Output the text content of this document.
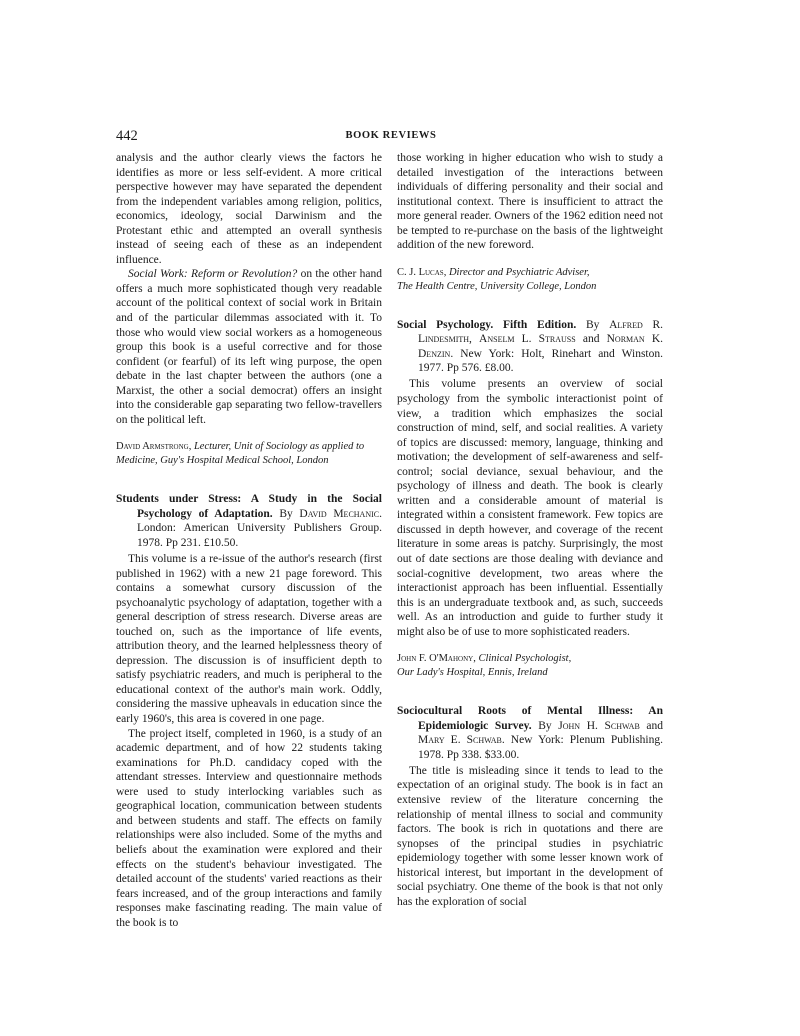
442	BOOK REVIEWS

analysis and the author clearly views the factors he identifies as more or less self-evident. A more critical perspective however may have separated the dependent from the independent variables among religion, politics, economics, ideology, social Darwinism and the Protestant ethic and attempted an overall synthesis instead of seeing each of these as an independent influence.

Social Work: Reform or Revolution? on the other hand offers a much more sophisticated though very readable account of the political context of social work in Britain and of the particular dilemmas associated with it. To those who would view social workers as a homogeneous group this book is a useful corrective and for those confident (or fearful) of its left wing purpose, the open debate in the last chapter between the authors (one a Marxist, the other a social democrat) offers an insight into the considerable gap separating two fellow-travellers on the political left.

David Armstrong, Lecturer, Unit of Sociology as applied to Medicine, Guy's Hospital Medical School, London
Students under Stress: A Study in the Social Psychology of Adaptation. By David Mechanic. London: American University Publishers Group. 1978. Pp 231. £10.50.

This volume is a re-issue of the author's research (first published in 1962) with a new 21 page foreword. This contains a somewhat cursory discussion of the psychoanalytic psychology of adaptation, together with a general description of stress research. Diverse areas are touched on, such as the importance of life events, attribution theory, and the learned helplessness theory of depression. The discussion is of insufficient depth to satisfy psychiatric readers, and much is peripheral to the educational context of the author's main work. Oddly, considering the massive upheavals in education since the early 1960's, this area is covered in one page.

The project itself, completed in 1960, is a study of an academic department, and of how 22 students taking examinations for Ph.D. candidacy coped with the attendant stresses. Interview and questionnaire methods were used to study interlocking variables such as geographical location, communication between students and between students and staff. The effects on family relationships were also included. Some of the myths and beliefs about the examination were explored and their effects on the student's behaviour investigated. The detailed account of the students' varied reactions as their fears increased, and of the group interactions and family responses make fascinating reading. The main value of the book is to

those working in higher education who wish to study a detailed investigation of the interactions between individuals of differing personality and their social and institutional context. There is insufficient to attract the more general reader. Owners of the 1962 edition need not be tempted to re-purchase on the basis of the lightweight addition of the new foreword.

C. J. Lucas, Director and Psychiatric Adviser,
The Health Centre, University College, London
Social Psychology. Fifth Edition. By Alfred R. Lindesmith, Anselm L. Strauss and Norman K. Denzin. New York: Holt, Rinehart and Winston. 1977. Pp 576. £8.00.

This volume presents an overview of social psychology from the symbolic interactionist point of view, a tradition which emphasizes the social construction of mind, self, and social realities. A variety of topics are discussed: memory, language, thinking and motivation; the development of self-awareness and self-control; social deviance, sexual behaviour, and the psychology of illness and death. The book is clearly written and a considerable amount of material is integrated within a consistent framework. Few topics are discussed in depth however, and coverage of the recent literature in some areas is patchy. Surprisingly, the most out of date sections are those dealing with deviance and social-cognitive development, two areas where the interactionist approach has been influential. Essentially this is an undergraduate textbook and, as such, succeeds well. As an introduction and guide to further study it might also be of use to more sophisticated readers.

John F. O'Mahony, Clinical Psychologist,
Our Lady's Hospital, Ennis, Ireland
Sociocultural Roots of Mental Illness: An Epidemiologic Survey. By John H. Schwab and Mary E. Schwab. New York: Plenum Publishing. 1978. Pp 338. $33.00.

The title is misleading since it tends to lead to the expectation of an original study. The book is in fact an extensive review of the literature concerning the relationship of mental illness to social and community factors. The book is rich in quotations and there are synopses of the principal studies in psychiatric epidemiology together with some lesser known work of historical interest, but important in the development of social psychiatry. One theme of the book is that not only has the exploration of social
